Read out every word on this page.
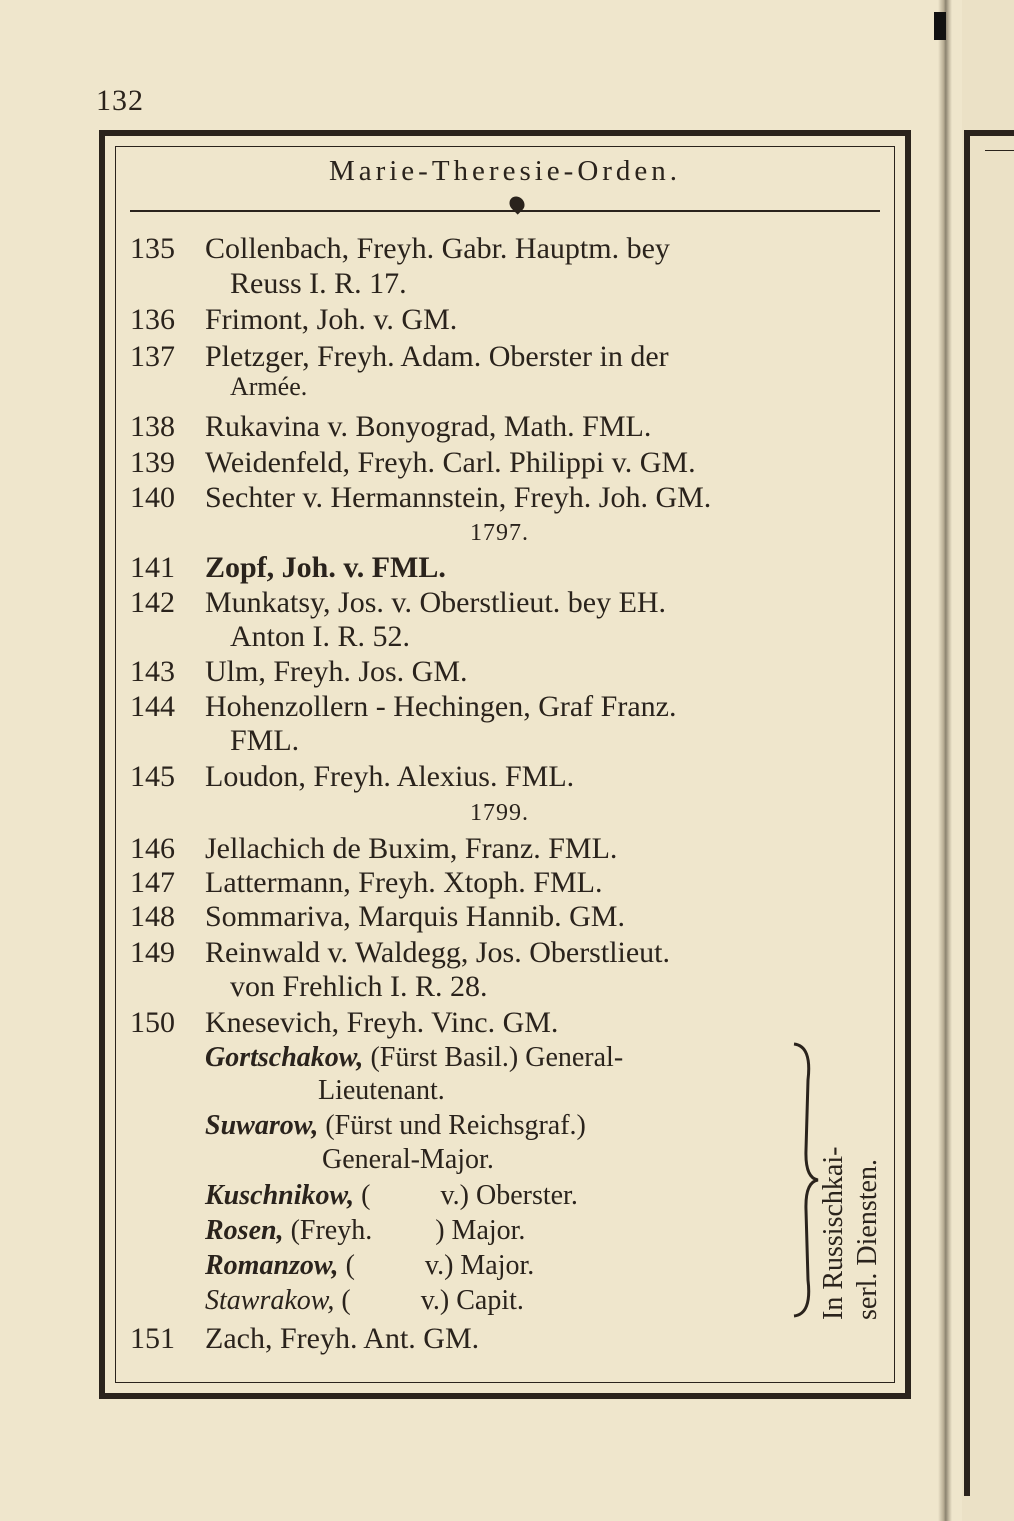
132
Marie-Theresie-Orden.
135 Collenbach, Freyh. Gabr. Hauptm. bey
Reuss I. R. 17.
136 Frimont, Joh. v. GM.
137 Pletzger, Freyh. Adam. Oberster in der
Armée.
138 Rukavina v. Bonyograd, Math. FML.
139 Weidenfeld, Freyh. Carl. Philippi v. GM.
140 Sechter v. Hermannstein, Freyh. Joh. GM.
1797.
141 Zopf, Joh. v. FML.
142 Munkatsy, Jos. v. Oberstlieut. bey EH.
Anton I. R. 52.
143 Ulm, Freyh. Jos. GM.
144 Hohenzollern - Hechingen, Graf Franz.
FML.
145 Loudon, Freyh. Alexius. FML.
1799.
146 Jellachich de Buxim, Franz. FML.
147 Lattermann, Freyh. Xtoph. FML.
148 Sommariva, Marquis Hannib. GM.
149 Reinwald v. Waldegg, Jos. Oberstlieut.
von Frehlich I. R. 28.
150 Knesevich, Freyh. Vinc. GM.
Gortschakow, (Fürst Basil.) General-
Lieutenant.
Suwarow, (Fürst und Reichsgraf.)
General-Major.
Kuschnikow, (          v.) Oberster.
Rosen, (Freyh.         ) Major.
Romanzow, (          v.) Major.
Stawrakow, (          v.) Capit.
151 Zach, Freyh. Ant. GM.
In Russischkai- serl. Diensten.
